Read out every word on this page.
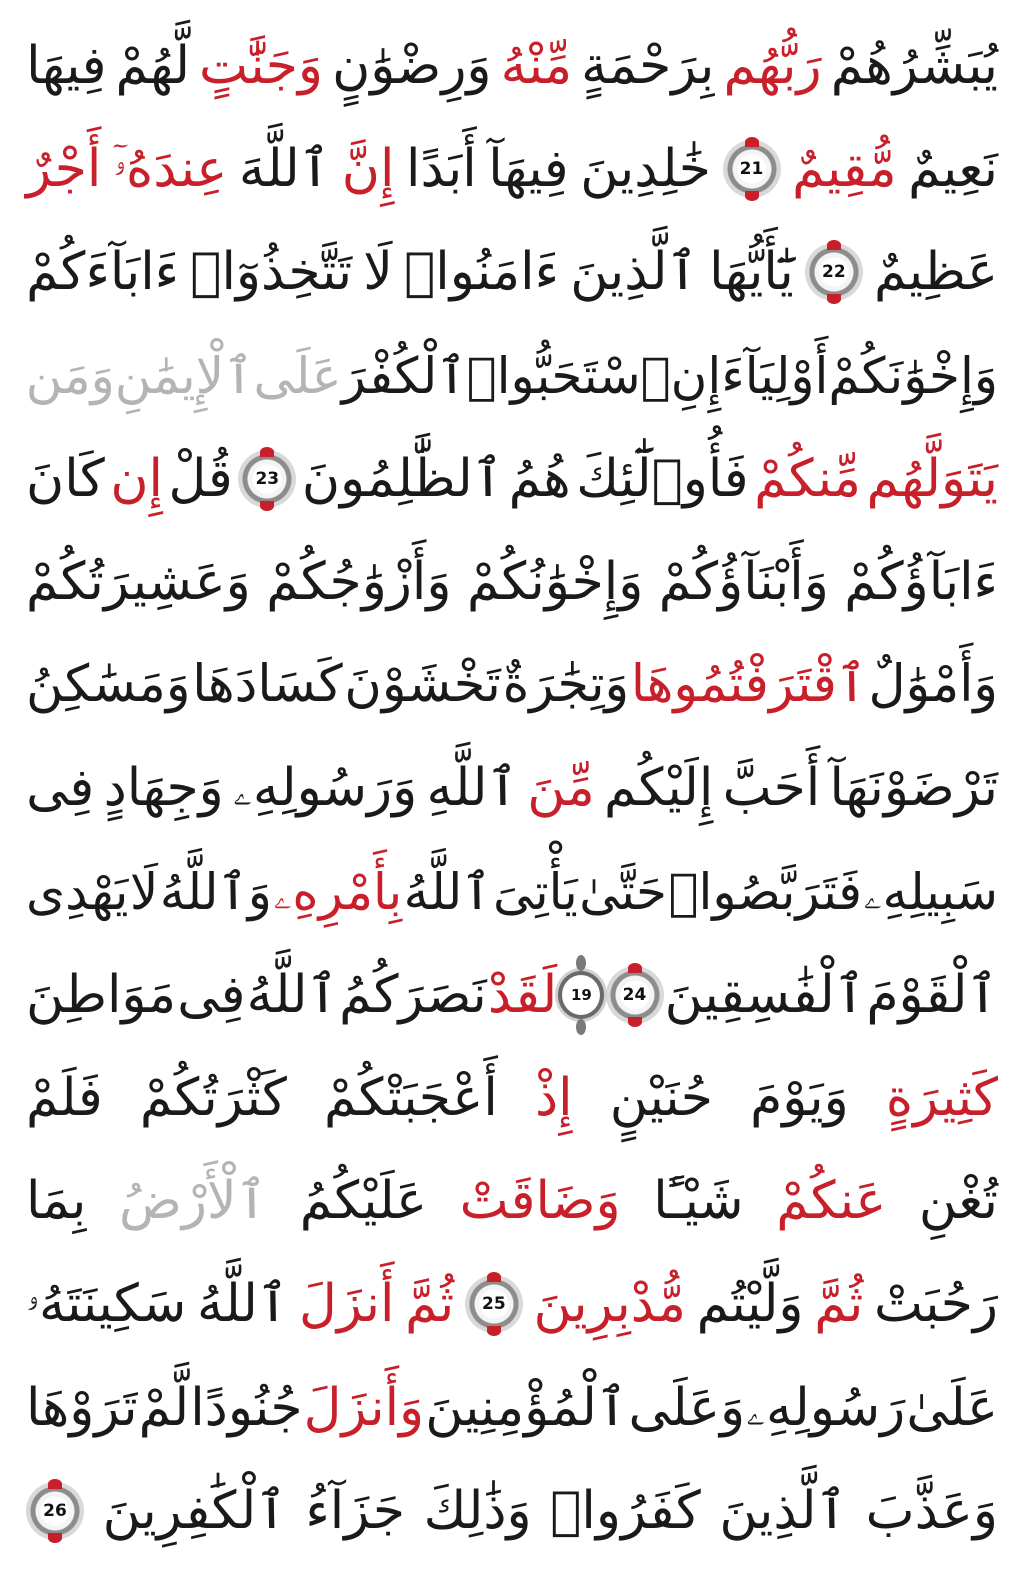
يُبَشِّرُهُمْ
رَبُّهُم
بِرَحْمَةٍ
مِّنْهُ
وَرِضْوَٰنٍ
وَجَنَّٰتٍ
لَّهُمْ
فِيهَا
نَعِيمٌ
مُّقِيمٌ
21
خَٰلِدِينَ
فِيهَآ
أَبَدًا
إِنَّ
ٱللَّهَ
عِندَهُۥٓ
أَجْرٌ
عَظِيمٌ
22
يَٰٓأَيُّهَا
ٱلَّذِينَ
ءَامَنُوا۟
لَا
تَتَّخِذُوٓا۟
ءَابَآءَكُمْ
وَإِخْوَٰنَكُمْ
أَوْلِيَآءَ
إِنِ
ٱسْتَحَبُّوا۟
ٱلْكُفْرَ
عَلَى
ٱلْإِيمَٰنِ
وَمَن
يَتَوَلَّهُم
مِّنكُمْ
فَأُو۟لَٰٓئِكَ
هُمُ
ٱلظَّٰلِمُونَ
23
قُلْ
إِن
كَانَ
ءَابَآؤُكُمْ
وَأَبْنَآؤُكُمْ
وَإِخْوَٰنُكُمْ
وَأَزْوَٰجُكُمْ
وَعَشِيرَتُكُمْ
وَأَمْوَٰلٌ
ٱقْتَرَفْتُمُوهَا
وَتِجَٰرَةٌ
تَخْشَوْنَ
كَسَادَهَا
وَمَسَٰكِنُ
تَرْضَوْنَهَآ
أَحَبَّ
إِلَيْكُم
مِّنَ
ٱللَّهِ
وَرَسُولِهِۦ
وَجِهَادٍ
فِى
سَبِيلِهِۦ
فَتَرَبَّصُوا۟
حَتَّىٰ
يَأْتِىَ
ٱللَّهُ
بِأَمْرِهِۦ
وَٱللَّهُ
لَا
يَهْدِى
ٱلْقَوْمَ
ٱلْفَٰسِقِينَ
24
19
لَقَدْ
نَصَرَكُمُ
ٱللَّهُ
فِى
مَوَاطِنَ
كَثِيرَةٍ
وَيَوْمَ
حُنَيْنٍ
إِذْ
أَعْجَبَتْكُمْ
كَثْرَتُكُمْ
فَلَمْ
تُغْنِ
عَنكُمْ
شَيْـًٔا
وَضَاقَتْ
عَلَيْكُمُ
ٱلْأَرْضُ
بِمَا
رَحُبَتْ
ثُمَّ
وَلَّيْتُم
مُّدْبِرِينَ
25
ثُمَّ
أَنزَلَ
ٱللَّهُ
سَكِينَتَهُۥ
عَلَىٰ
رَسُولِهِۦ
وَعَلَى
ٱلْمُؤْمِنِينَ
وَأَنزَلَ
جُنُودًا
لَّمْ
تَرَوْهَا
وَعَذَّبَ
ٱلَّذِينَ
كَفَرُوا۟
وَذَٰلِكَ
جَزَآءُ
ٱلْكَٰفِرِينَ
26
